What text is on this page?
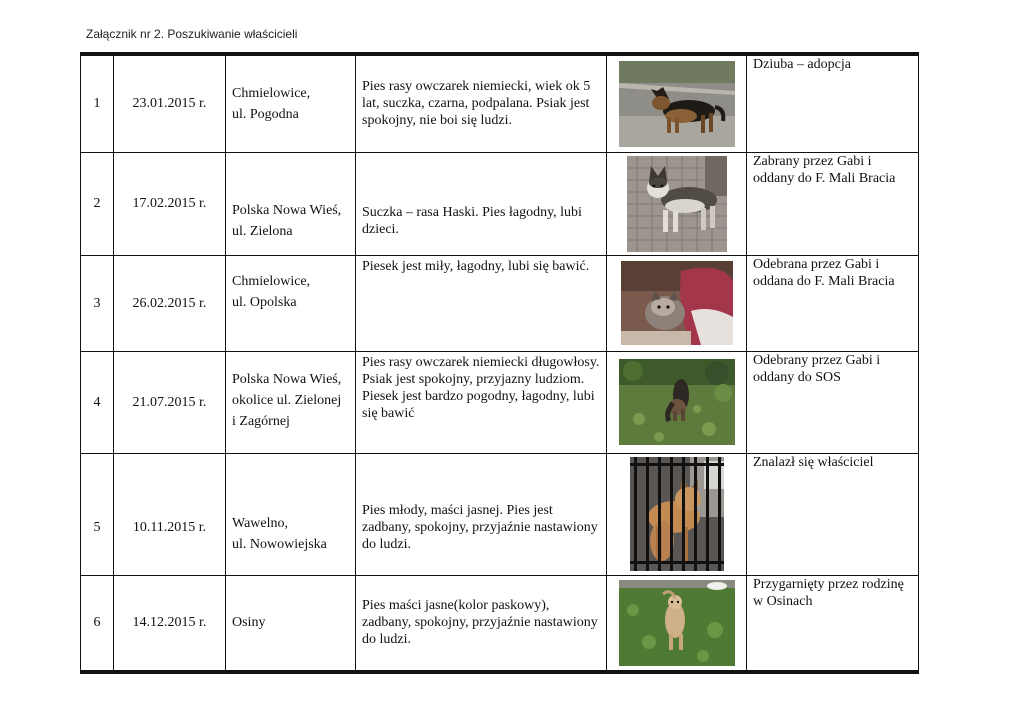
Załącznik nr 2. Poszukiwanie właścicieli
1	23.01.2015 r.	Chmielowice,
ul. Pogodna	Pies rasy owczarek niemiecki, wiek ok 5 lat, suczka, czarna, podpalana. Psiak jest spokojny, nie boi się ludzi.		Dziuba – adopcja

2	17.02.2015 r.	Polska Nowa Wieś,
ul. Zielona	Suczka – rasa Haski. Pies łagodny, lubi dzieci.		Zabrany przez Gabi i oddany do F. Mali Bracia

3	26.02.2015 r.	Chmielowice,
ul. Opolska	Piesek jest miły, łagodny, lubi się bawić.		Odebrana przez Gabi i oddana do F. Mali Bracia

4	21.07.2015 r.	Polska Nowa Wieś,
okolice ul. Zielonej
i Zagórnej	Pies rasy owczarek niemiecki długowłosy. Psiak jest spokojny, przyjazny ludziom. Piesek jest bardzo pogodny, łagodny, lubi się bawić		Odebrany przez Gabi i oddany do SOS

5	10.11.2015 r.	Wawelno,
ul. Nowowiejska	Pies młody, maści jasnej. Pies jest zadbany, spokojny, przyjaźnie nastawiony do ludzi.		Znalazł się właściciel

6	14.12.2015 r.	Osiny	Pies maści jasne(kolor paskowy), zadbany, spokojny, przyjaźnie nastawiony do ludzi.		Przygarnięty przez rodzinę w Osinach
